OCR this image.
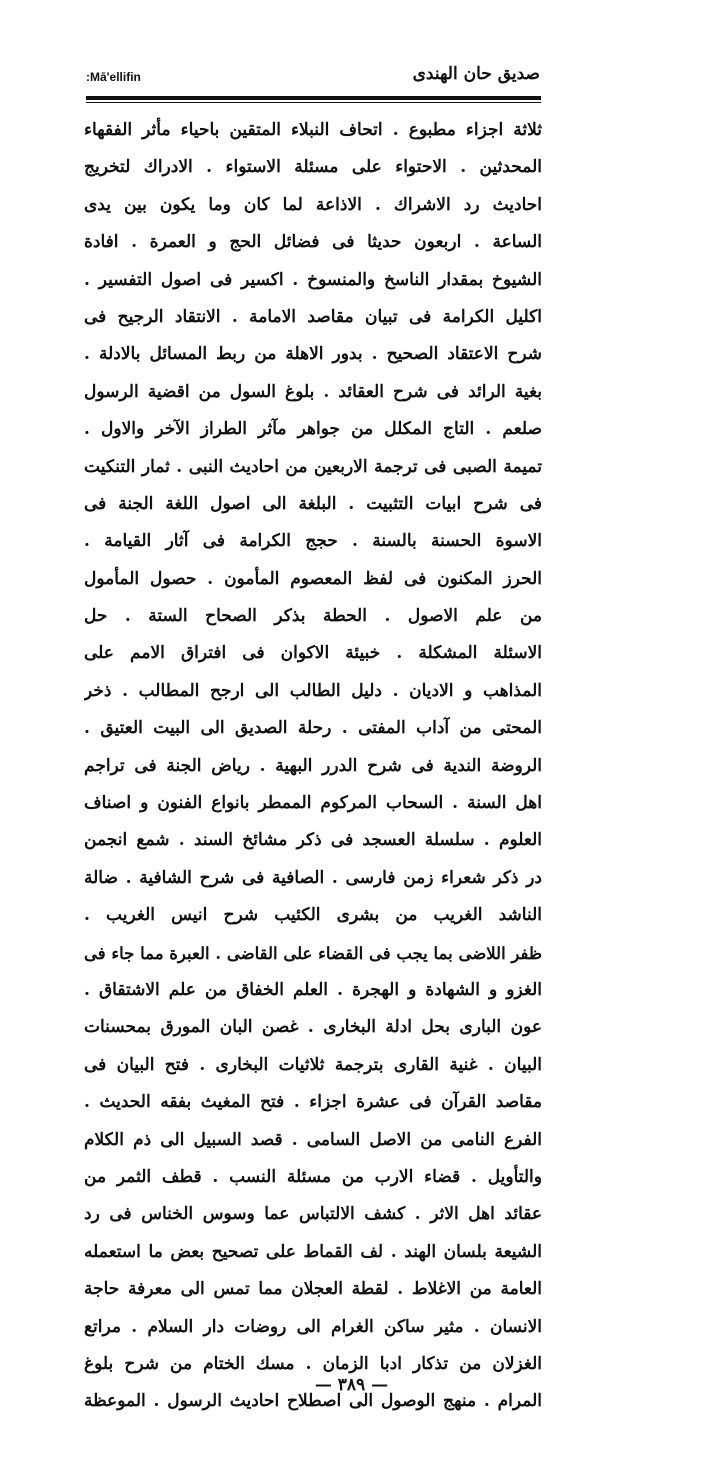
:Mā'ellifin	صديق حان الهندى
ثلاثة اجزاء مطبوع . اتحاف النبلاء المتقين باحياء مأثر الفقهاء
المحدثين . الاحتواء على مسئلة الاستواء . الادراك لتخريج
احاديث رد الاشراك . الاذاعة لما كان وما يكون بين يدى
الساعة . اربعون حديثا فى فضائل الحج و العمرة . افادة
الشيوخ بمقدار الناسخ والمنسوخ . اكسير فى اصول التفسير .
اكليل الكرامة فى تبيان مقاصد الامامة . الانتقاد الرجيح فى
شرح الاعتقاد الصحيح . بدور الاهلة من ربط المسائل بالادلة .
بغية الرائد فى شرح العقائد . بلوغ السول من اقضية الرسول
صلعم . التاج المكلل من جواهر مآثر الطراز الآخر والاول .
تميمة الصبى فى ترجمة الاربعين من احاديث النبى . ثمار التنكيت
فى شرح ابيات التثبيت . البلغة الى اصول اللغة الجنة فى
الاسوة الحسنة بالسنة . حجج الكرامة فى آثار القيامة .
الحرز المكنون فى لفظ المعصوم المأمون . حصول المأمول
من علم الاصول . الحطة بذكر الصحاح الستة . حل
الاسئلة المشكلة . خبيئة الاكوان فى افتراق الامم على
المذاهب و الاديان . دليل الطالب الى ارجح المطالب . ذخر
المحتى من آداب المفتى . رحلة الصديق الى البيت العتيق .
الروضة الندية فى شرح الدرر البهية . رياض الجنة فى تراجم
اهل السنة . السحاب المركوم الممطر بانواع الفنون و اصناف
العلوم . سلسلة العسجد فى ذكر مشائخ السند . شمع انجمن
در ذكر شعراء زمن فارسى . الصافية فى شرح الشافية . ضالة
الناشد الغريب من بشرى الكئيب شرح انيس الغريب .
ظفر اللاضى بما يجب فى القضاء على القاضى . العبرة مما جاء فى
الغزو و الشهادة و الهجرة . العلم الخفاق من علم الاشتقاق .
عون البارى بحل ادلة البخارى . غصن البان المورق بمحسنات
البيان . غنية القارى بترجمة ثلاثيات البخارى . فتح البيان فى
مقاصد القرآن فى عشرة اجزاء . فتح المغيث بفقه الحديث .
الفرع النامى من الاصل السامى . قصد السبيل الى ذم الكلام
والتأويل . قضاء الارب من مسئلة النسب . قطف الثمر من
عقائد اهل الاثر . كشف الالتباس عما وسوس الخناس فى رد
الشيعة بلسان الهند . لف القماط على تصحيح بعض ما استعمله
العامة من الاغلاط . لقطة العجلان مما تمس الى معرفة حاجة
الانسان . مثير ساكن الغرام الى روضات دار السلام . مراتع
الغزلان من تذكار ادبا الزمان . مسك الختام من شرح بلوغ
المرام . منهج الوصول الى اصطلاح احاديث الرسول . الموعظة
— ٣٨٩ —
